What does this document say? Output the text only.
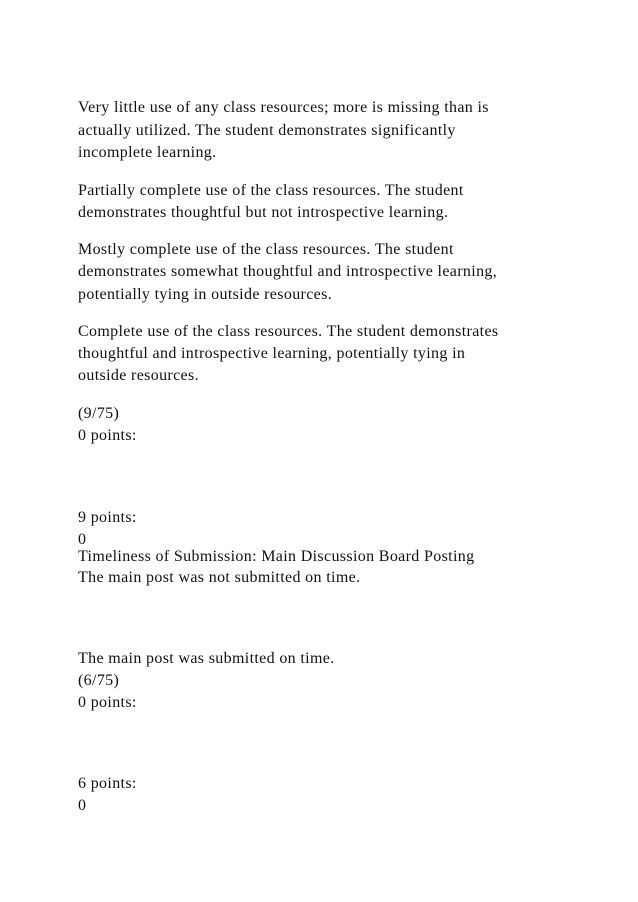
Very little use of any class resources; more is missing than is
actually utilized. The student demonstrates significantly
incomplete learning.
Partially complete use of the class resources. The student
demonstrates thoughtful but not introspective learning.
Mostly complete use of the class resources. The student
demonstrates somewhat thoughtful and introspective learning,
potentially tying in outside resources.
Complete use of the class resources. The student demonstrates
thoughtful and introspective learning, potentially tying in
outside resources.
(9/75)
0 points:
9 points:
0
Timeliness of Submission: Main Discussion Board Posting
The main post was not submitted on time.
The main post was submitted on time.
(6/75)
0 points:
6 points:
0
